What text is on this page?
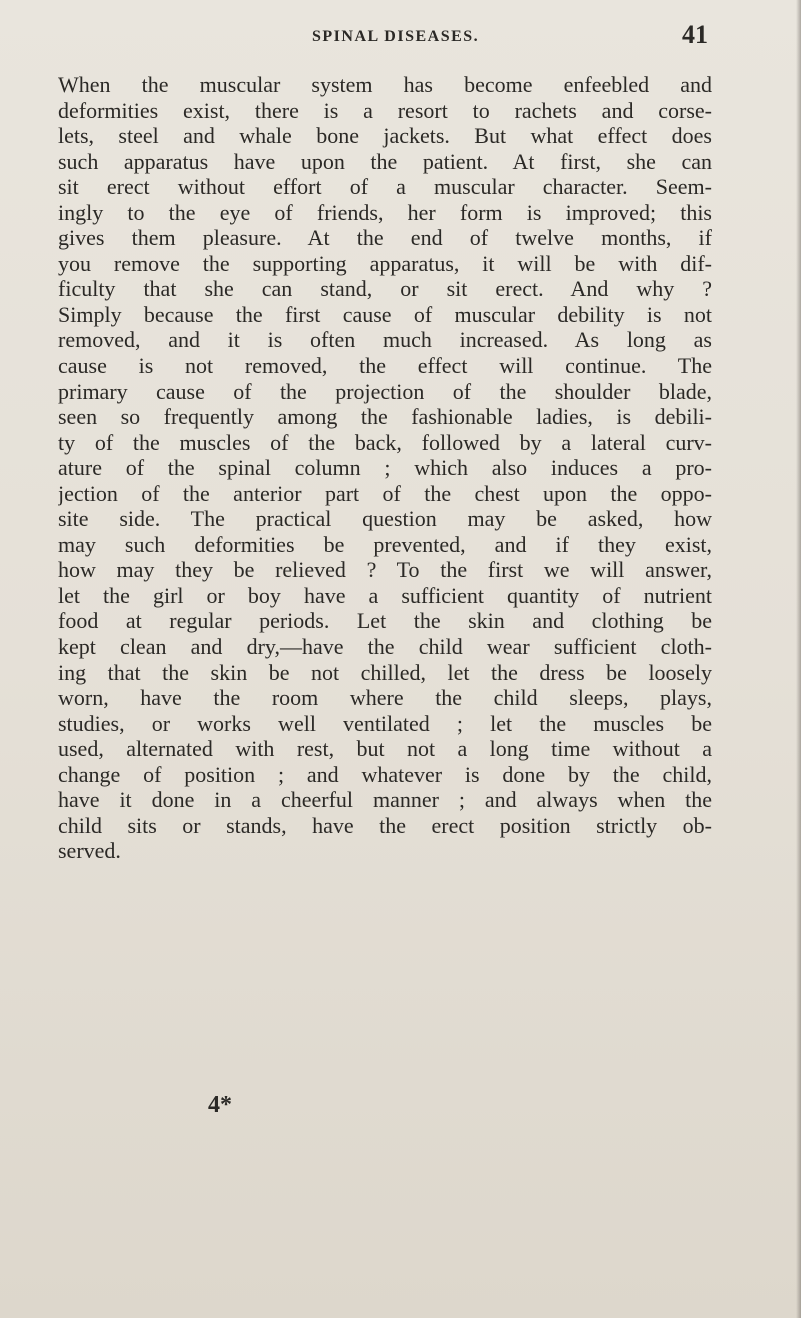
SPINAL DISEASES.	41
When the muscular system has become enfeebled and
deformities exist, there is a resort to rachets and corse-
lets, steel and whale bone jackets. But what effect does
such apparatus have upon the patient. At first, she can
sit erect without effort of a muscular character. Seem-
ingly to the eye of friends, her form is improved; this
gives them pleasure. At the end of twelve months, if
you remove the supporting apparatus, it will be with dif-
ficulty that she can stand, or sit erect. And why ?
Simply because the first cause of muscular debility is not
removed, and it is often much increased. As long as
cause is not removed, the effect will continue. The
primary cause of the projection of the shoulder blade,
seen so frequently among the fashionable ladies, is debili-
ty of the muscles of the back, followed by a lateral curv-
ature of the spinal column ; which also induces a pro-
jection of the anterior part of the chest upon the oppo-
site side. The practical question may be asked, how
may such deformities be prevented, and if they exist,
how may they be relieved ? To the first we will answer,
let the girl or boy have a sufficient quantity of nutrient
food at regular periods. Let the skin and clothing be
kept clean and dry,—have the child wear sufficient cloth-
ing that the skin be not chilled, let the dress be loosely
worn, have the room where the child sleeps, plays,
studies, or works well ventilated ; let the muscles be
used, alternated with rest, but not a long time without a
change of position ; and whatever is done by the child,
have it done in a cheerful manner ; and always when the
child sits or stands, have the erect position strictly ob-
served.
4*
